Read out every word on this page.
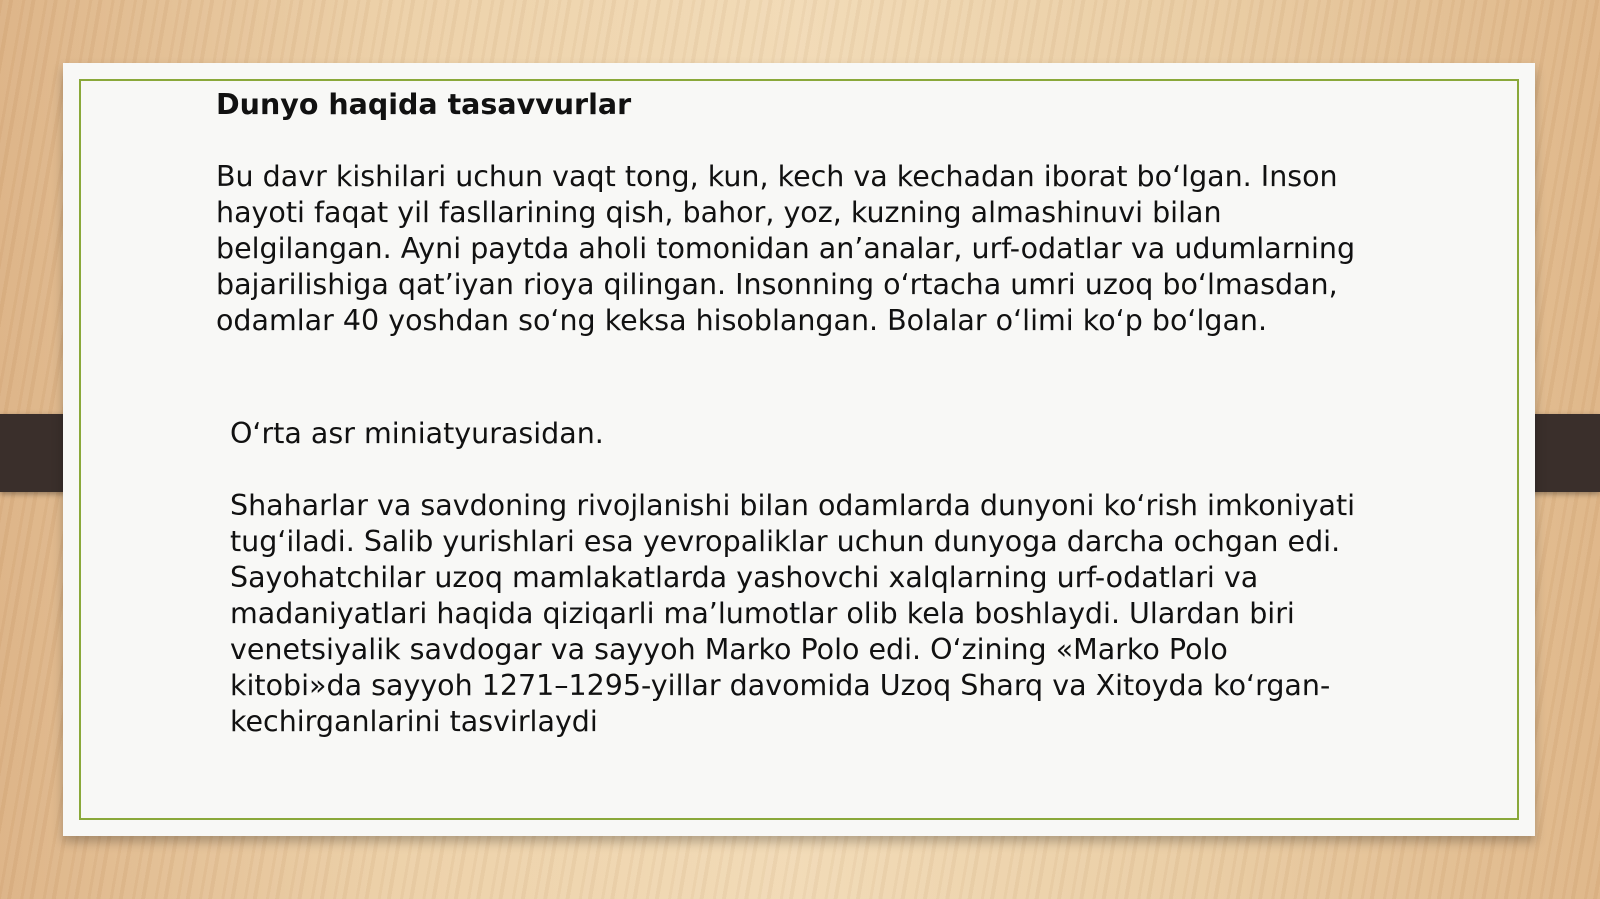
Dunyo haqida tasavvurlar
Bu davr kishilari uchun vaqt tong, kun, kech va kechadan iborat boʻlgan. Inson hayoti faqat yil fasllarining qish, bahor, yoz, kuzning almashinuvi bilan belgilangan. Ayni paytda aholi tomonidan an’analar, urf-odatlar va udumlarning bajarilishiga qat’iyan rioya qilingan. Insonning oʻrtacha umri uzoq boʻlmasdan, odamlar 40 yoshdan soʻng keksa hisoblangan. Bolalar oʻlimi koʻp boʻlgan.
Oʻrta asr miniatyurasidan.
Shaharlar va savdoning rivojlanishi bilan odamlarda dunyoni koʻrish imkoniyati tugʻiladi. Salib yurishlari esa yevropaliklar uchun dunyoga darcha ochgan edi. Sayohatchilar uzoq mamlakatlarda yashovchi xalqlarning urf-odatlari va madaniyatlari haqida qiziqarli ma’lumotlar olib kela boshlaydi. Ulardan biri venetsiyalik savdogar va sayyoh Marko Polo edi. Oʻzining «Marko Polo kitobi»da sayyoh 1271–1295-yillar davomida Uzoq Sharq va Xitoyda koʻrgan-kechirganlarini tasvirlaydi
